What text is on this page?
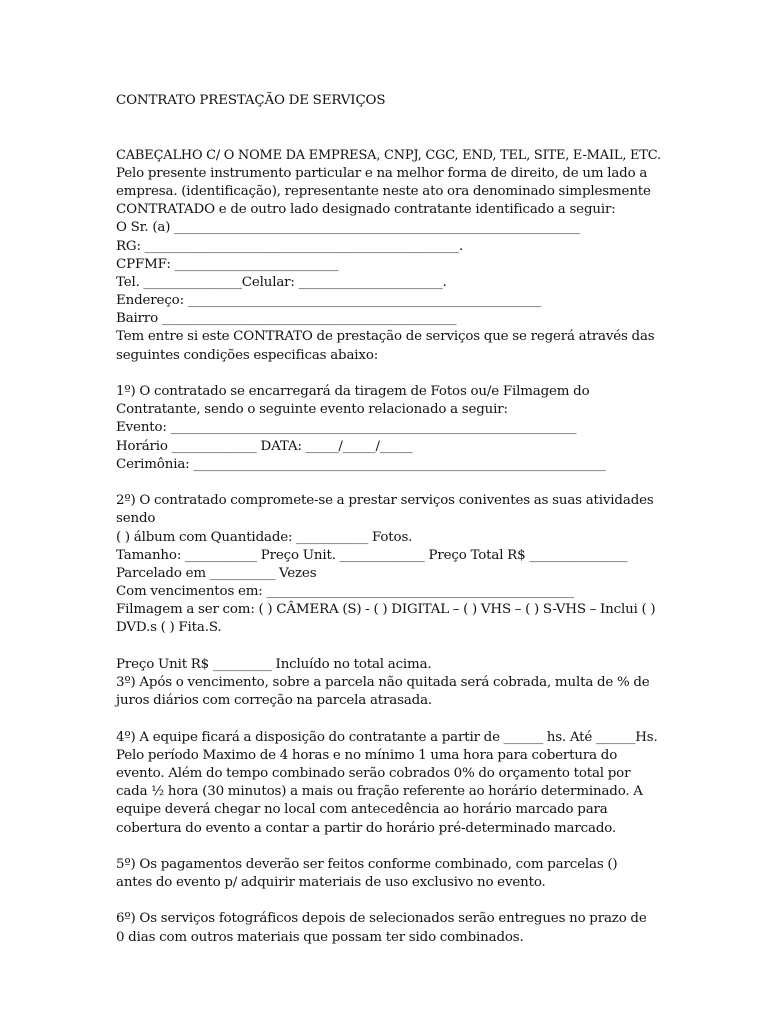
CONTRATO PRESTAÇÃO DE SERVIÇOS
CABEÇALHO C/ O NOME DA EMPRESA, CNPJ, CGC, END, TEL, SITE, E-MAIL, ETC.
Pelo presente instrumento particular e na melhor forma de direito, de um lado a
empresa. (identificação), representante neste ato ora denominado simplesmente
CONTRATADO e de outro lado designado contratante identificado a seguir:
O Sr. (a) ______________________________________________________________
RG: ________________________________________________.
CPFMF: _________________________
Tel. _______________Celular: ______________________.
Endereço: ______________________________________________________
Bairro _____________________________________________
Tem entre si este CONTRATO de prestação de serviços que se regerá através das
seguintes condições especificas abaixo:
1º) O contratado se encarregará da tiragem de Fotos ou/e Filmagem do
Contratante, sendo o seguinte evento relacionado a seguir:
Evento: ______________________________________________________________
Horário _____________ DATA: _____/_____/_____
Cerimônia: _______________________________________________________________
2º) O contratado compromete-se a prestar serviços coniventes as suas atividades
sendo
( ) álbum com Quantidade: ___________ Fotos.
Tamanho: ___________ Preço Unit. _____________ Preço Total R$ _______________
Parcelado em __________ Vezes
Com vencimentos em: _______________________________________________
Filmagem a ser com: ( ) CÂMERA (S) - ( ) DIGITAL – ( ) VHS – ( ) S-VHS – Inclui ( )
DVD.s ( ) Fita.S.
Preço Unit R$ _________ Incluído no total acima.
3º) Após o vencimento, sobre a parcela não quitada será cobrada, multa de % de
juros diários com correção na parcela atrasada.
4º) A equipe ficará a disposição do contratante a partir de ______ hs. Até ______Hs.
Pelo período Maximo de 4 horas e no mínimo 1 uma hora para cobertura do
evento. Além do tempo combinado serão cobrados 0% do orçamento total por
cada ½ hora (30 minutos) a mais ou fração referente ao horário determinado. A
equipe deverá chegar no local com antecedência ao horário marcado para
cobertura do evento a contar a partir do horário pré-determinado marcado.
5º) Os pagamentos deverão ser feitos conforme combinado, com parcelas ()
antes do evento p/ adquirir materiais de uso exclusivo no evento.
6º) Os serviços fotográficos depois de selecionados serão entregues no prazo de
0 dias com outros materiais que possam ter sido combinados.
